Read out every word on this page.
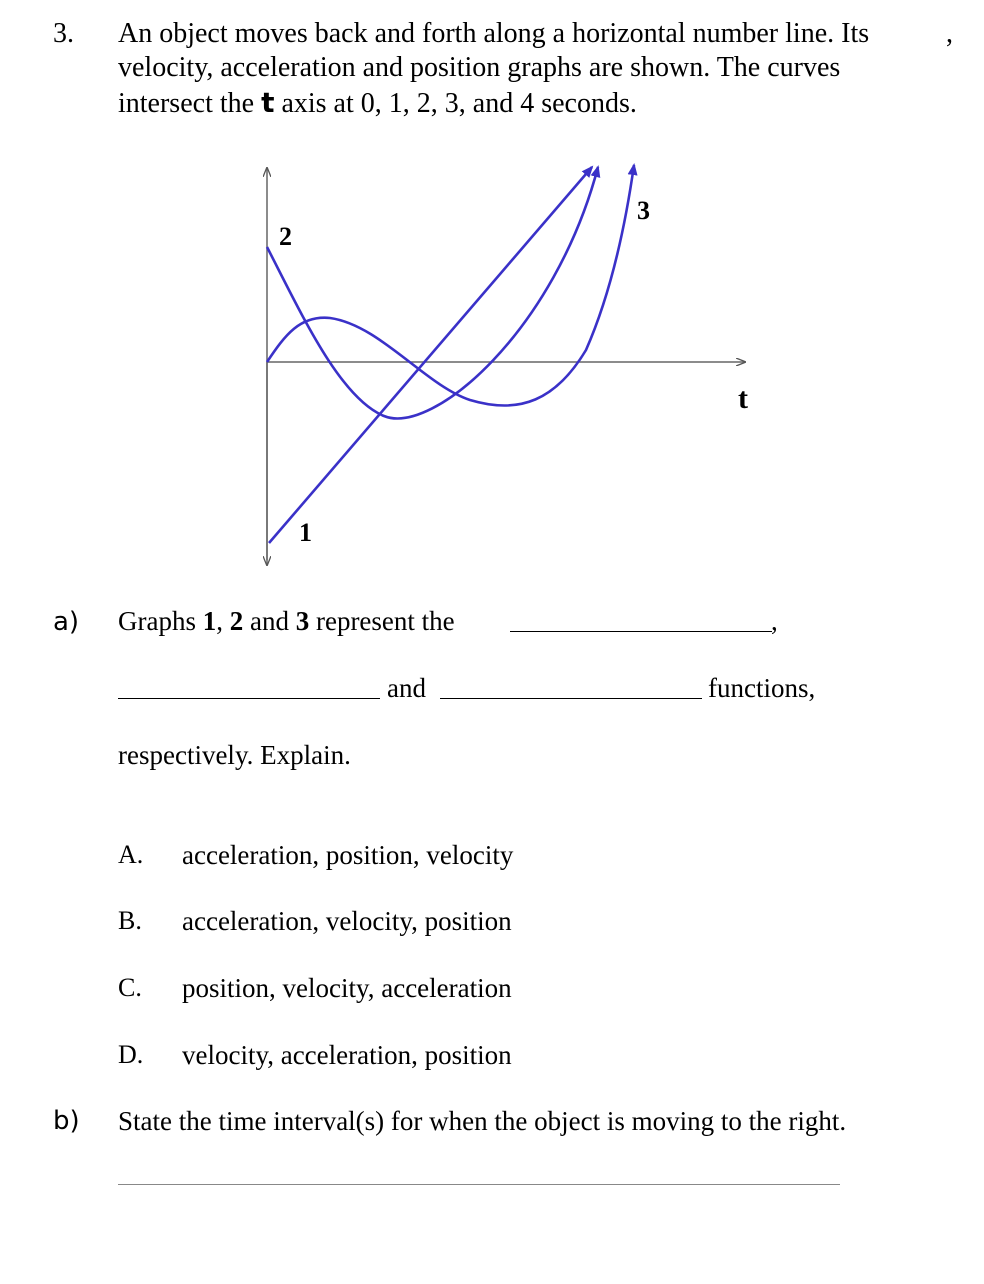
3. An object moves back and forth along a horizontal number line. Its	,
velocity, acceleration and position graphs are shown. The curves
intersect the t axis at 0, 1, 2, 3, and 4 seconds.
2
1
3
t
a) Graphs 1, 2 and 3 represent the	,
and	functions,
respectively. Explain.
A. acceleration, position, velocity
B. acceleration, velocity, position
C. position, velocity, acceleration
D. velocity, acceleration, position
b) State the time interval(s) for when the object is moving to the right.
